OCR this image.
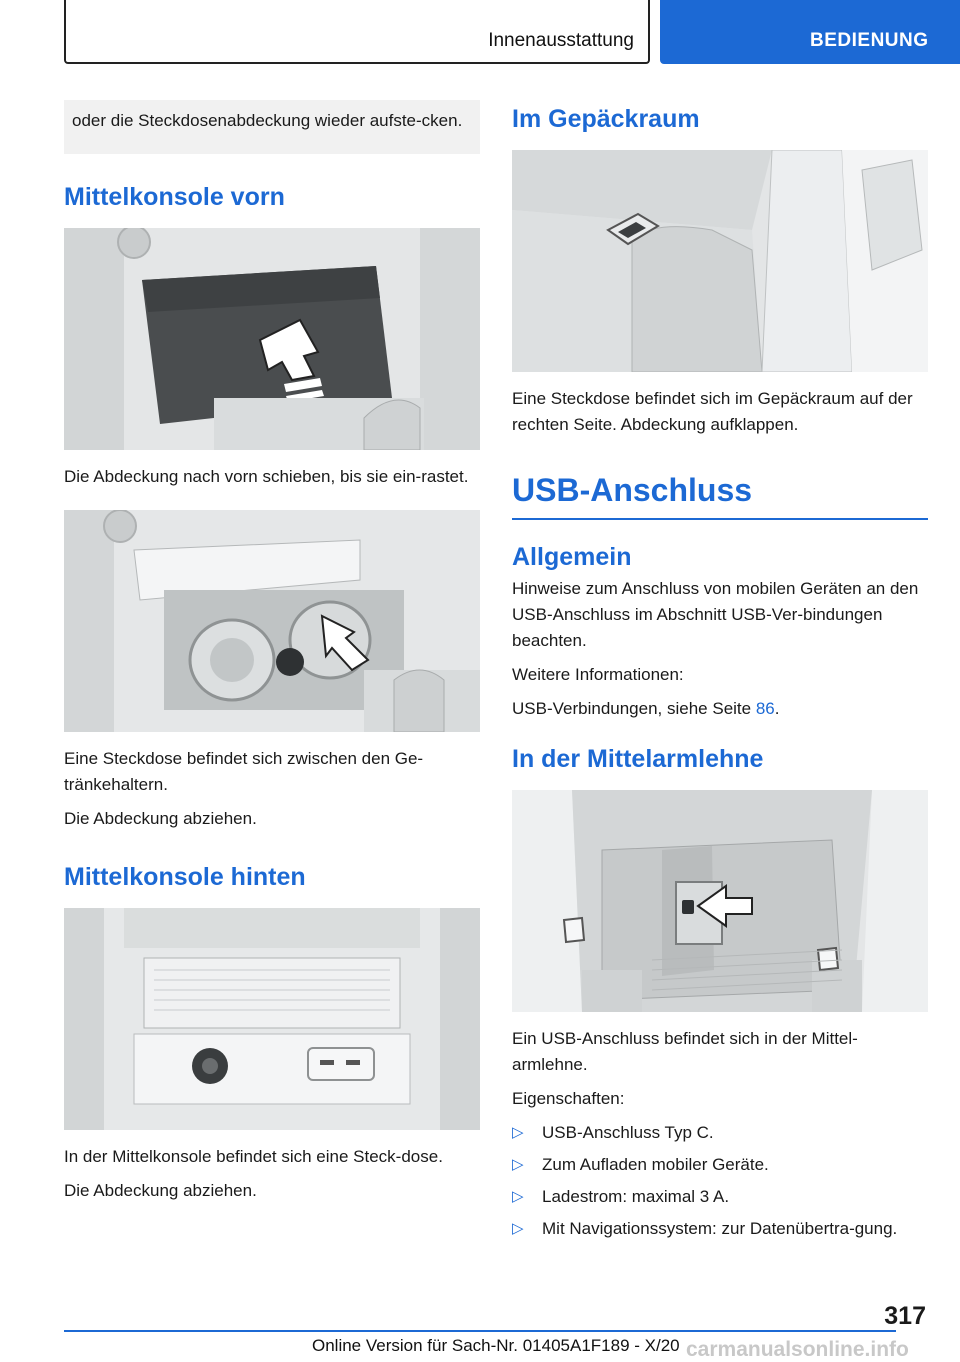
Innenausstattung	BEDIENUNG
oder die Steckdosenabdeckung wieder aufste-cken.
Mittelkonsole vorn

Die Abdeckung nach vorn schieben, bis sie ein-rastet.

Eine Steckdose befindet sich zwischen den Ge-tränkehaltern.

Die Abdeckung abziehen.

Mittelkonsole hinten

In der Mittelkonsole befindet sich eine Steck-dose.

Die Abdeckung abziehen.

Im Gepäckraum

Eine Steckdose befindet sich im Gepäckraum auf der rechten Seite. Abdeckung aufklappen.

USB-Anschluss
Allgemein

Hinweise zum Anschluss von mobilen Geräten an den USB-Anschluss im Abschnitt USB-Ver-bindungen beachten.

Weitere Informationen:

USB-Verbindungen, siehe Seite 86.

In der Mittelarmlehne

Ein USB-Anschluss befindet sich in der Mittel-armlehne.

Eigenschaften:

▷ USB-Anschluss Typ C.
▷ Zum Aufladen mobiler Geräte.
▷ Ladestrom: maximal 3 A.
▷ Mit Navigationssystem: zur Datenübertra-gung.
317
Online Version für Sach-Nr. 01405A1F189 - X/20 carmanualsonline.info
